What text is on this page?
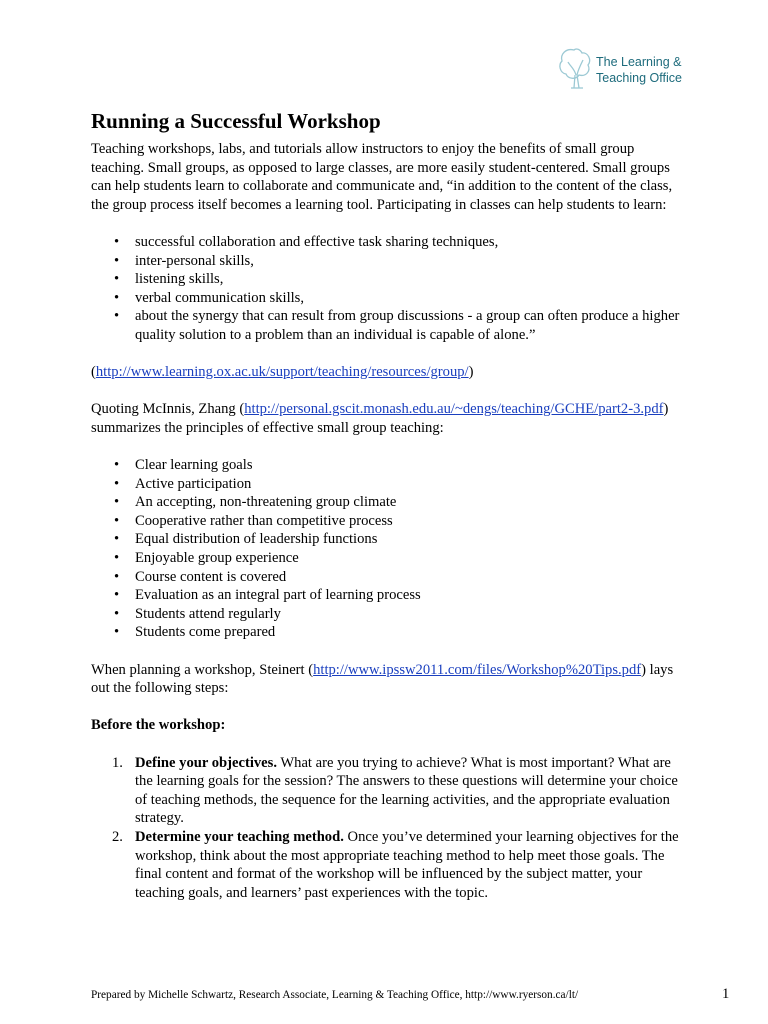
The Learning &
Teaching Office
Running a Successful Workshop

Teaching workshops, labs, and tutorials allow instructors to enjoy the benefits of small group teaching. Small groups, as opposed to large classes, are more easily student-centered. Small groups can help students learn to collaborate and communicate and, “in addition to the content of the class, the group process itself becomes a learning tool. Participating in classes can help students to learn:

• successful collaboration and effective task sharing techniques,
• inter-personal skills,
• listening skills,
• verbal communication skills,
• about the synergy that can result from group discussions - a group can often produce a higher quality solution to a problem than an individual is capable of alone.”

(http://www.learning.ox.ac.uk/support/teaching/resources/group/)

Quoting McInnis, Zhang (http://personal.gscit.monash.edu.au/~dengs/teaching/GCHE/part2-3.pdf) summarizes the principles of effective small group teaching:

• Clear learning goals
• Active participation
• An accepting, non-threatening group climate
• Cooperative rather than competitive process
• Equal distribution of leadership functions
• Enjoyable group experience
• Course content is covered
• Evaluation as an integral part of learning process
• Students attend regularly
• Students come prepared

When planning a workshop, Steinert (http://www.ipssw2011.com/files/Workshop%20Tips.pdf) lays out the following steps:

Before the workshop:

1. Define your objectives. What are you trying to achieve? What is most important? What are the learning goals for the session? The answers to these questions will determine your choice of teaching methods, the sequence for the learning activities, and the appropriate evaluation strategy.
2. Determine your teaching method. Once you’ve determined your learning objectives for the workshop, think about the most appropriate teaching method to help meet those goals. The final content and format of the workshop will be influenced by the subject matter, your teaching goals, and learners’ past experiences with the topic.
Prepared by Michelle Schwartz, Research Associate, Learning & Teaching Office, http://www.ryerson.ca/lt/	1
